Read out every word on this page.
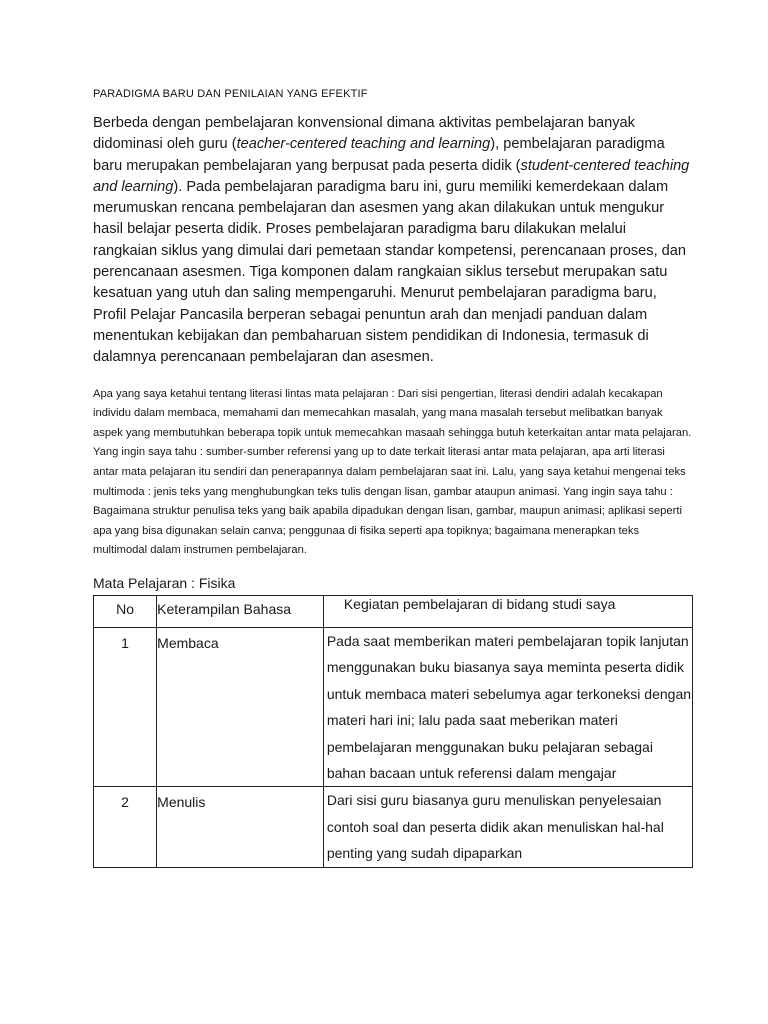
PARADIGMA BARU DAN PENILAIAN YANG EFEKTIF

Berbeda dengan pembelajaran konvensional dimana aktivitas pembelajaran banyak didominasi oleh guru (teacher-centered teaching and learning), pembelajaran paradigma baru merupakan pembelajaran yang berpusat pada peserta didik (student-centered teaching and learning). Pada pembelajaran paradigma baru ini, guru memiliki kemerdekaan dalam merumuskan rencana pembelajaran dan asesmen yang akan dilakukan untuk mengukur hasil belajar peserta didik. Proses pembelajaran paradigma baru dilakukan melalui rangkaian siklus yang dimulai dari pemetaan standar kompetensi, perencanaan proses, dan perencanaan asesmen. Tiga komponen dalam rangkaian siklus tersebut merupakan satu kesatuan yang utuh dan saling mempengaruhi. Menurut pembelajaran paradigma baru, Profil Pelajar Pancasila berperan sebagai penuntun arah dan menjadi panduan dalam menentukan kebijakan dan pembaharuan sistem pendidikan di Indonesia, termasuk di dalamnya perencanaan pembelajaran dan asesmen.

Apa yang saya ketahui tentang literasi lintas mata pelajaran : Dari sisi pengertian, literasi dendiri adalah kecakapan individu dalam membaca, memahami dan memecahkan masalah, yang mana masalah tersebut melibatkan banyak aspek yang membutuhkan beberapa topik untuk memecahkan masaah sehingga butuh keterkaitan antar mata pelajaran. Yang ingin saya tahu : sumber-sumber referensi yang up to date terkait literasi antar mata pelajaran, apa arti literasi antar mata pelajaran itu sendiri dan penerapannya dalam pembelajaran saat ini. Lalu, yang saya ketahui mengenai teks multimoda : jenis teks yang menghubungkan teks tulis dengan lisan, gambar ataupun animasi. Yang ingin saya tahu : Bagaimana struktur penulisa teks yang baik apabila dipadukan dengan lisan, gambar, maupun animasi; aplikasi seperti apa yang bisa digunakan selain canva; penggunaa di fisika seperti apa topiknya; bagaimana menerapkan teks multimodal dalam instrumen pembelajaran.

Mata Pelajaran : Fisika

No	Keterampilan Bahasa	Kegiatan pembelajaran di bidang studi saya
1	Membaca	Pada saat memberikan materi pembelajaran topik lanjutan menggunakan buku biasanya saya meminta peserta didik untuk membaca materi sebelumya agar terkoneksi dengan materi hari ini; lalu pada saat meberikan materi pembelajaran menggunakan buku pelajaran sebagai bahan bacaan untuk referensi dalam mengajar
2	Menulis	Dari sisi guru biasanya guru menuliskan penyelesaian contoh soal dan peserta didik akan menuliskan hal-hal penting yang sudah dipaparkan
